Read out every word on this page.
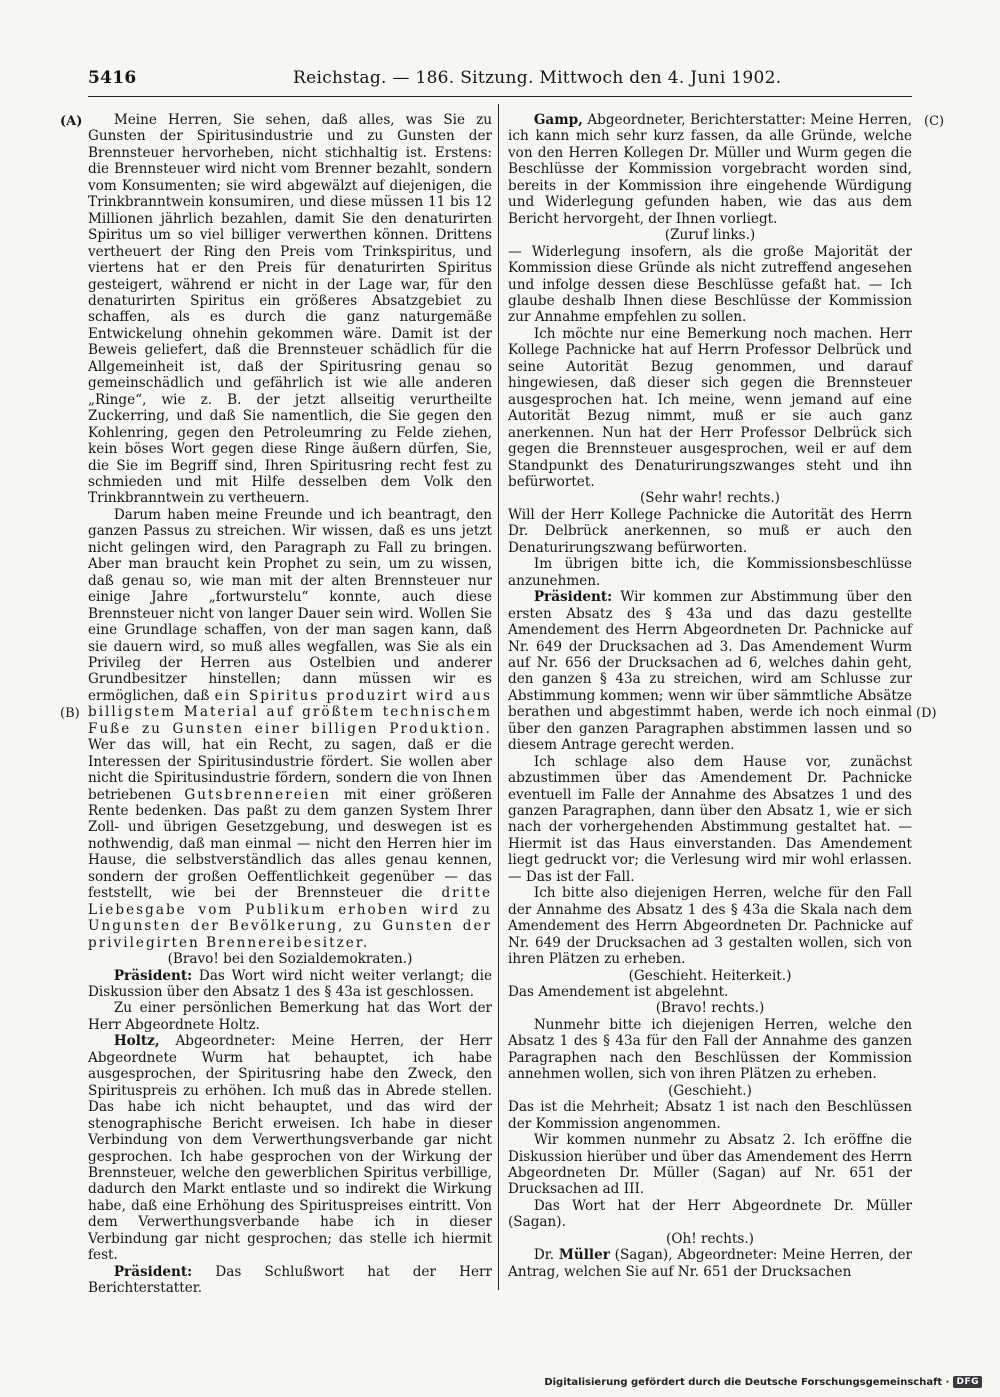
5416	Reichstag. — 186. Sitzung. Mittwoch den 4. Juni 1902.
(A)
(B)
(C)
(D)

Meine Herren, Sie sehen, daß alles, was Sie zu Gunsten der Spiritusindustrie und zu Gunsten der Brennsteuer hervorheben, nicht stichhaltig ist. Erstens: die Brennsteuer wird nicht vom Brenner bezahlt, sondern vom Konsumenten; sie wird abgewälzt auf diejenigen, die Trinkbranntwein konsumiren, und diese müssen 11 bis 12 Millionen jährlich bezahlen, damit Sie den denaturirten Spiritus um so viel billiger verwerthen können. Drittens vertheuert der Ring den Preis vom Trinkspiritus, und viertens hat er den Preis für denaturirten Spiritus gesteigert, während er nicht in der Lage war, für den denaturirten Spiritus ein größeres Absatzgebiet zu schaffen, als es durch die ganz naturgemäße Entwickelung ohnehin gekommen wäre. Damit ist der Beweis geliefert, daß die Brennsteuer schädlich für die Allgemeinheit ist, daß der Spiritusring genau so gemeinschädlich und gefährlich ist wie alle anderen „Ringe“, wie z. B. der jetzt allseitig verurtheilte Zuckerring, und daß Sie namentlich, die Sie gegen den Kohlenring, gegen den Petroleumring zu Felde ziehen, kein böses Wort gegen diese Ringe äußern dürfen, Sie, die Sie im Begriff sind, Ihren Spiritusring recht fest zu schmieden und mit Hilfe desselben dem Volk den Trinkbranntwein zu vertheuern.

Darum haben meine Freunde und ich beantragt, den ganzen Passus zu streichen. Wir wissen, daß es uns jetzt nicht gelingen wird, den Paragraph zu Fall zu bringen. Aber man braucht kein Prophet zu sein, um zu wissen, daß genau so, wie man mit der alten Brennsteuer nur einige Jahre „fortwurstelu“ konnte, auch diese Brennsteuer nicht von langer Dauer sein wird. Wollen Sie eine Grundlage schaffen, von der man sagen kann, daß sie dauern wird, so muß alles wegfallen, was Sie als ein Privileg der Herren aus Ostelbien und anderer Grundbesitzer hinstellen; dann müssen wir es ermöglichen, daß ein Spiritus produzirt wird aus billigstem Material auf größtem technischem Fuße zu Gunsten einer billigen Produktion. Wer das will, hat ein Recht, zu sagen, daß er die Interessen der Spiritusindustrie fördert. Sie wollen aber nicht die Spiritusindustrie fördern, sondern die von Ihnen betriebenen Gutsbrennereien mit einer größeren Rente bedenken. Das paßt zu dem ganzen System Ihrer Zoll- und übrigen Gesetzgebung, und deswegen ist es nothwendig, daß man einmal — nicht den Herren hier im Hause, die selbstverständlich das alles genau kennen, sondern der großen Oeffentlichkeit gegenüber — das feststellt, wie bei der Brennsteuer die dritte Liebesgabe vom Publikum erhoben wird zu Ungunsten der Bevölkerung, zu Gunsten der privilegirten Brennereibesitzer.

(Bravo! bei den Sozialdemokraten.)

Präsident: Das Wort wird nicht weiter verlangt; die Diskussion über den Absatz 1 des § 43a ist geschlossen.

Zu einer persönlichen Bemerkung hat das Wort der Herr Abgeordnete Holtz.

Holtz, Abgeordneter: Meine Herren, der Herr Abgeordnete Wurm hat behauptet, ich habe ausgesprochen, der Spiritusring habe den Zweck, den Spirituspreis zu erhöhen. Ich muß das in Abrede stellen. Das habe ich nicht behauptet, und das wird der stenographische Bericht erweisen. Ich habe in dieser Verbindung von dem Verwerthungsverbande gar nicht gesprochen. Ich habe gesprochen von der Wirkung der Brennsteuer, welche den gewerblichen Spiritus verbillige, dadurch den Markt entlaste und so indirekt die Wirkung habe, daß eine Erhöhung des Spirituspreises eintritt. Von dem Verwerthungsverbande habe ich in dieser Verbindung gar nicht gesprochen; das stelle ich hiermit fest.

Präsident: Das Schlußwort hat der Herr Berichterstatter.

Gamp, Abgeordneter, Berichterstatter: Meine Herren, ich kann mich sehr kurz fassen, da alle Gründe, welche von den Herren Kollegen Dr. Müller und Wurm gegen die Beschlüsse der Kommission vorgebracht worden sind, bereits in der Kommission ihre eingehende Würdigung und Widerlegung gefunden haben, wie das aus dem Bericht hervorgeht, der Ihnen vorliegt.

(Zuruf links.)

— Widerlegung insofern, als die große Majorität der Kommission diese Gründe als nicht zutreffend angesehen und infolge dessen diese Beschlüsse gefaßt hat. — Ich glaube deshalb Ihnen diese Beschlüsse der Kommission zur Annahme empfehlen zu sollen.

Ich möchte nur eine Bemerkung noch machen. Herr Kollege Pachnicke hat auf Herrn Professor Delbrück und seine Autorität Bezug genommen, und darauf hingewiesen, daß dieser sich gegen die Brennsteuer ausgesprochen hat. Ich meine, wenn jemand auf eine Autorität Bezug nimmt, muß er sie auch ganz anerkennen. Nun hat der Herr Professor Delbrück sich gegen die Brennsteuer ausgesprochen, weil er auf dem Standpunkt des Denaturirungszwanges steht und ihn befürwortet.

(Sehr wahr! rechts.)

Will der Herr Kollege Pachnicke die Autorität des Herrn Dr. Delbrück anerkennen, so muß er auch den Denaturirungszwang befürworten.

Im übrigen bitte ich, die Kommissionsbeschlüsse anzunehmen.

Präsident: Wir kommen zur Abstimmung über den ersten Absatz des § 43a und das dazu gestellte Amendement des Herrn Abgeordneten Dr. Pachnicke auf Nr. 649 der Drucksachen ad 3. Das Amendement Wurm auf Nr. 656 der Drucksachen ad 6, welches dahin geht, den ganzen § 43a zu streichen, wird am Schlusse zur Abstimmung kommen; wenn wir über sämmtliche Absätze berathen und abgestimmt haben, werde ich noch einmal über den ganzen Paragraphen abstimmen lassen und so diesem Antrage gerecht werden.

Ich schlage also dem Hause vor, zunächst abzustimmen über das Amendement Dr. Pachnicke eventuell im Falle der Annahme des Absatzes 1 und des ganzen Paragraphen, dann über den Absatz 1, wie er sich nach der vorhergehenden Abstimmung gestaltet hat. — Hiermit ist das Haus einverstanden. Das Amendement liegt gedruckt vor; die Verlesung wird mir wohl erlassen. — Das ist der Fall.

Ich bitte also diejenigen Herren, welche für den Fall der Annahme des Absatz 1 des § 43a die Skala nach dem Amendement des Herrn Abgeordneten Dr. Pachnicke auf Nr. 649 der Drucksachen ad 3 gestalten wollen, sich von ihren Plätzen zu erheben.

(Geschieht. Heiterkeit.)

Das Amendement ist abgelehnt.

(Bravo! rechts.)

Nunmehr bitte ich diejenigen Herren, welche den Absatz 1 des § 43a für den Fall der Annahme des ganzen Paragraphen nach den Beschlüssen der Kommission annehmen wollen, sich von ihren Plätzen zu erheben.

(Geschieht.)

Das ist die Mehrheit; Absatz 1 ist nach den Beschlüssen der Kommission angenommen.

Wir kommen nunmehr zu Absatz 2. Ich eröffne die Diskussion hierüber und über das Amendement des Herrn Abgeordneten Dr. Müller (Sagan) auf Nr. 651 der Drucksachen ad III.

Das Wort hat der Herr Abgeordnete Dr. Müller (Sagan).

(Oh! rechts.)

Dr. Müller (Sagan), Abgeordneter: Meine Herren, der Antrag, welchen Sie auf Nr. 651 der Drucksachen

Digitalisierung gefördert durch die Deutsche Forschungsgemeinschaft · DFG
